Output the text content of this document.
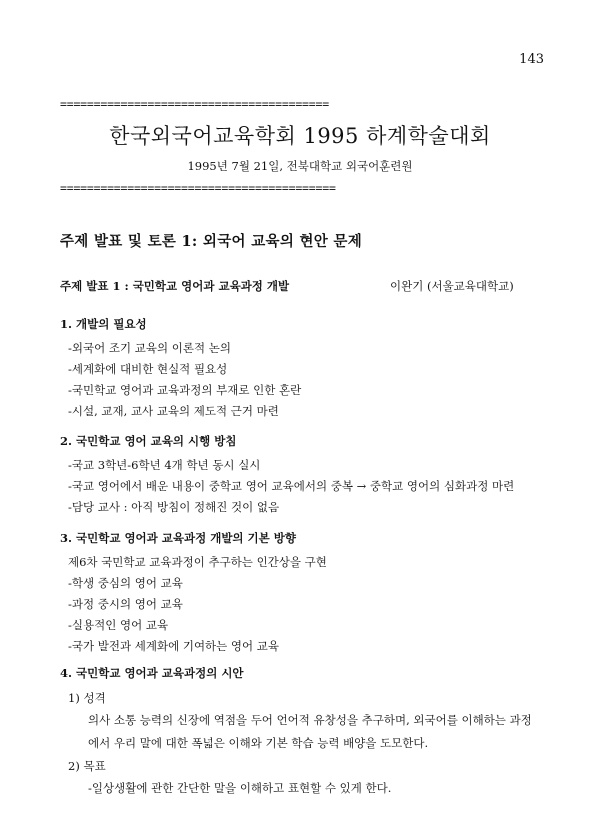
143
========================================
한국외국어교육학회 1995 하계학술대회
1995년 7월 21일, 전북대학교 외국어훈련원
=========================================
주제 발표 및 토론 1: 외국어 교육의 현안 문제
주제 발표 1 : 국민학교 영어과 교육과정 개발	이완기 (서울교육대학교)
1. 개발의 필요성
-외국어 조기 교육의 이론적 논의
-세계화에 대비한 현실적 필요성
-국민학교 영어과 교육과정의 부재로 인한 혼란
-시설, 교재, 교사 교육의 제도적 근거 마련
2. 국민학교 영어 교육의 시행 방침
-국교 3학년-6학년 4개 학년 동시 실시
-국교 영어에서 배운 내용이 중학교 영어 교육에서의 중복 → 중학교 영어의 심화과정 마련
-담당 교사 : 아직 방침이 정해진 것이 없음
3. 국민학교 영어과 교육과정 개발의 기본 방향
제6차 국민학교 교육과정이 추구하는 인간상을 구현
-학생 중심의 영어 교육
-과정 중시의 영어 교육
-실용적인 영어 교육
-국가 발전과 세계화에 기여하는 영어 교육
4. 국민학교 영어과 교육과정의 시안
1) 성격
의사 소통 능력의 신장에 역점을 두어 언어적 유창성을 추구하며, 외국어를 이해하는 과정
에서 우리 말에 대한 폭넓은 이해와 기본 학습 능력 배양을 도모한다.
2) 목표
-일상생활에 관한 간단한 말을 이해하고 표현할 수 있게 한다.
